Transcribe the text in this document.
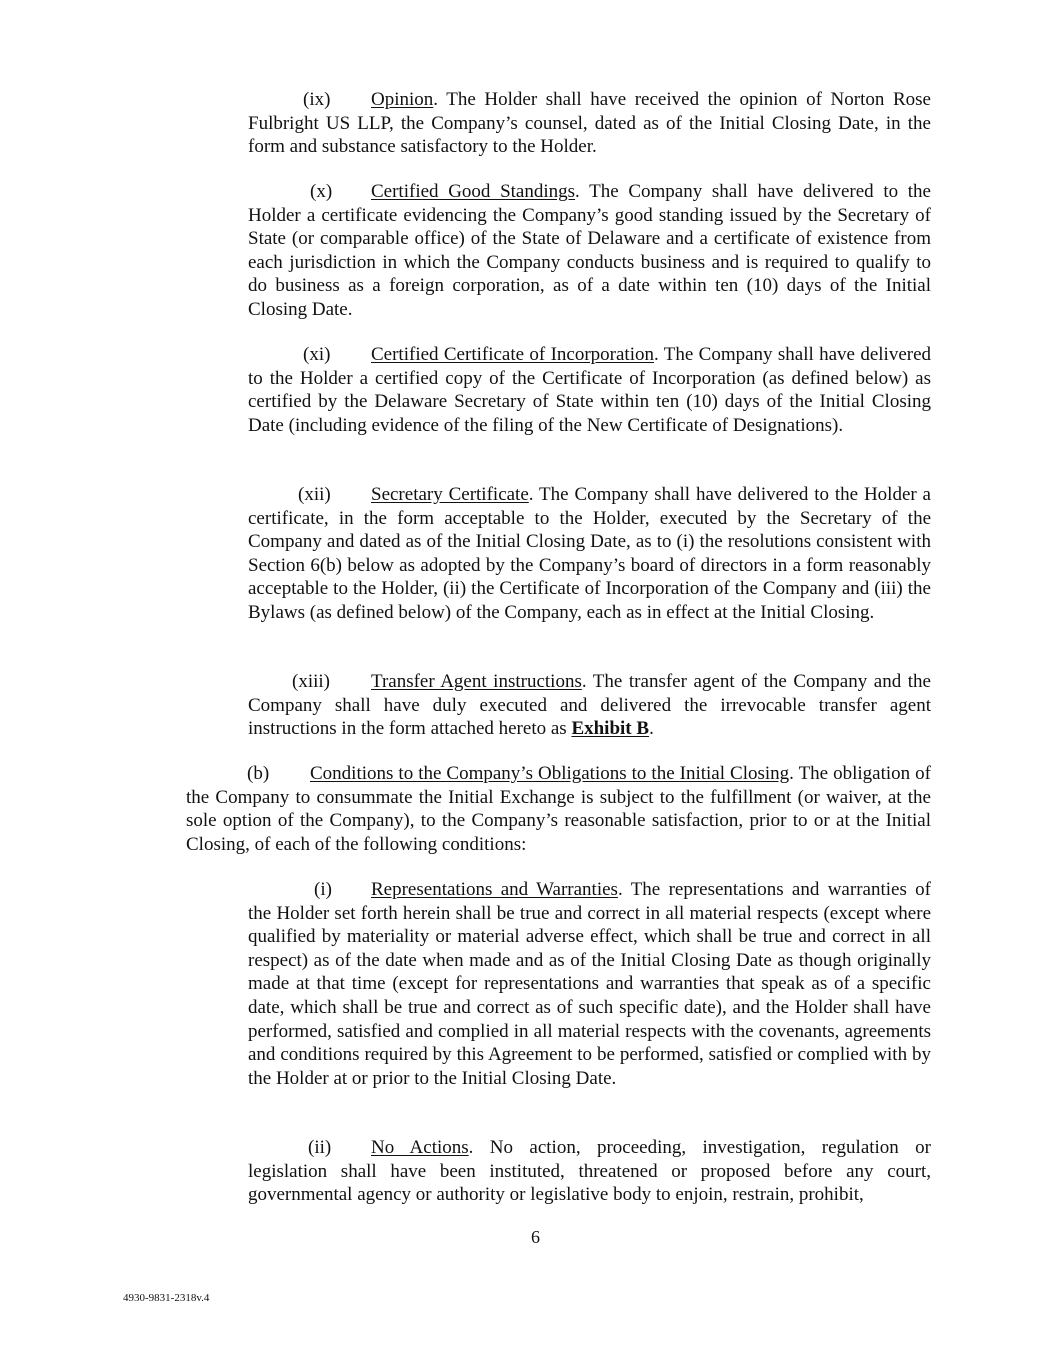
(ix) Opinion. The Holder shall have received the opinion of Norton Rose Fulbright US LLP, the Company’s counsel, dated as of the Initial Closing Date, in the form and substance satisfactory to the Holder.

(x) Certified Good Standings. The Company shall have delivered to the Holder a certificate evidencing the Company’s good standing issued by the Secretary of State (or comparable office) of the State of Delaware and a certificate of existence from each jurisdiction in which the Company conducts business and is required to qualify to do business as a foreign corporation, as of a date within ten (10) days of the Initial Closing Date.

(xi) Certified Certificate of Incorporation. The Company shall have delivered to the Holder a certified copy of the Certificate of Incorporation (as defined below) as certified by the Delaware Secretary of State within ten (10) days of the Initial Closing Date (including evidence of the filing of the New Certificate of Designations).

(xii) Secretary Certificate. The Company shall have delivered to the Holder a certificate, in the form acceptable to the Holder, executed by the Secretary of the Company and dated as of the Initial Closing Date, as to (i) the resolutions consistent with Section 6(b) below as adopted by the Company’s board of directors in a form reasonably acceptable to the Holder, (ii) the Certificate of Incorporation of the Company and (iii) the Bylaws (as defined below) of the Company, each as in effect at the Initial Closing.

(xiii) Transfer Agent instructions. The transfer agent of the Company and the Company shall have duly executed and delivered the irrevocable transfer agent instructions in the form attached hereto as Exhibit B.

(b) Conditions to the Company’s Obligations to the Initial Closing. The obligation of the Company to consummate the Initial Exchange is subject to the fulfillment (or waiver, at the sole option of the Company), to the Company’s reasonable satisfaction, prior to or at the Initial Closing, of each of the following conditions:

(i) Representations and Warranties. The representations and warranties of the Holder set forth herein shall be true and correct in all material respects (except where qualified by materiality or material adverse effect, which shall be true and correct in all respect) as of the date when made and as of the Initial Closing Date as though originally made at that time (except for representations and warranties that speak as of a specific date, which shall be true and correct as of such specific date), and the Holder shall have performed, satisfied and complied in all material respects with the covenants, agreements and conditions required by this Agreement to be performed, satisfied or complied with by the Holder at or prior to the Initial Closing Date.

(ii) No Actions. No action, proceeding, investigation, regulation or legislation shall have been instituted, threatened or proposed before any court, governmental agency or authority or legislative body to enjoin, restrain, prohibit,

6
4930-9831-2318v.4
